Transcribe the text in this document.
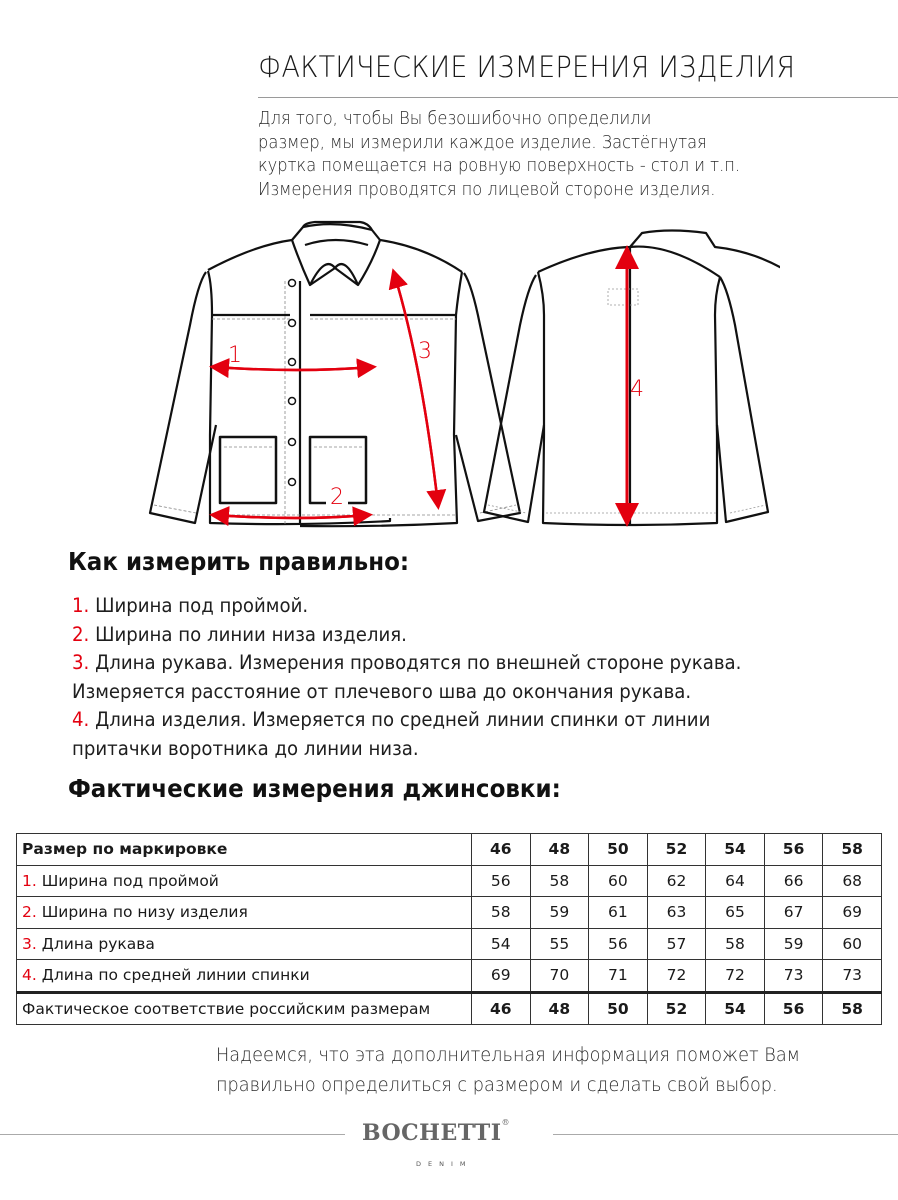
ФАКТИЧЕСКИЕ ИЗМЕРЕНИЯ ИЗДЕЛИЯ
Для того, чтобы Вы безошибочно определили
размер, мы измерили каждое изделие. Застёгнутая
куртка помещается на ровную поверхность - стол и т.п.
Измерения проводятся по лицевой стороне изделия.
1
2
3
4
Как измерить правильно:
1. Ширина под проймой.
2. Ширина по линии низа изделия.
3. Длина рукава. Измерения проводятся по внешней стороне рукава.
Измеряется расстояние от плечевого шва до окончания рукава.
4. Длина изделия. Измеряется по средней линии спинки от линии
притачки воротника до линии низа.
Фактические измерения джинсовки:
Размер по маркировке	46	48	50	52	54	56	58
1. Ширина под проймой	56	58	60	62	64	66	68
2. Ширина по низу изделия	58	59	61	63	65	67	69
3. Длина рукава	54	55	56	57	58	59	60
4. Длина по средней линии спинки	69	70	71	72	72	73	73
Фактическое соответствие российским размерам	46	48	50	52	54	56	58
Надеемся, что эта дополнительная информация поможет Вам
правильно определиться с размером и сделать свой выбор.
BOCHETTI®
DENIM
